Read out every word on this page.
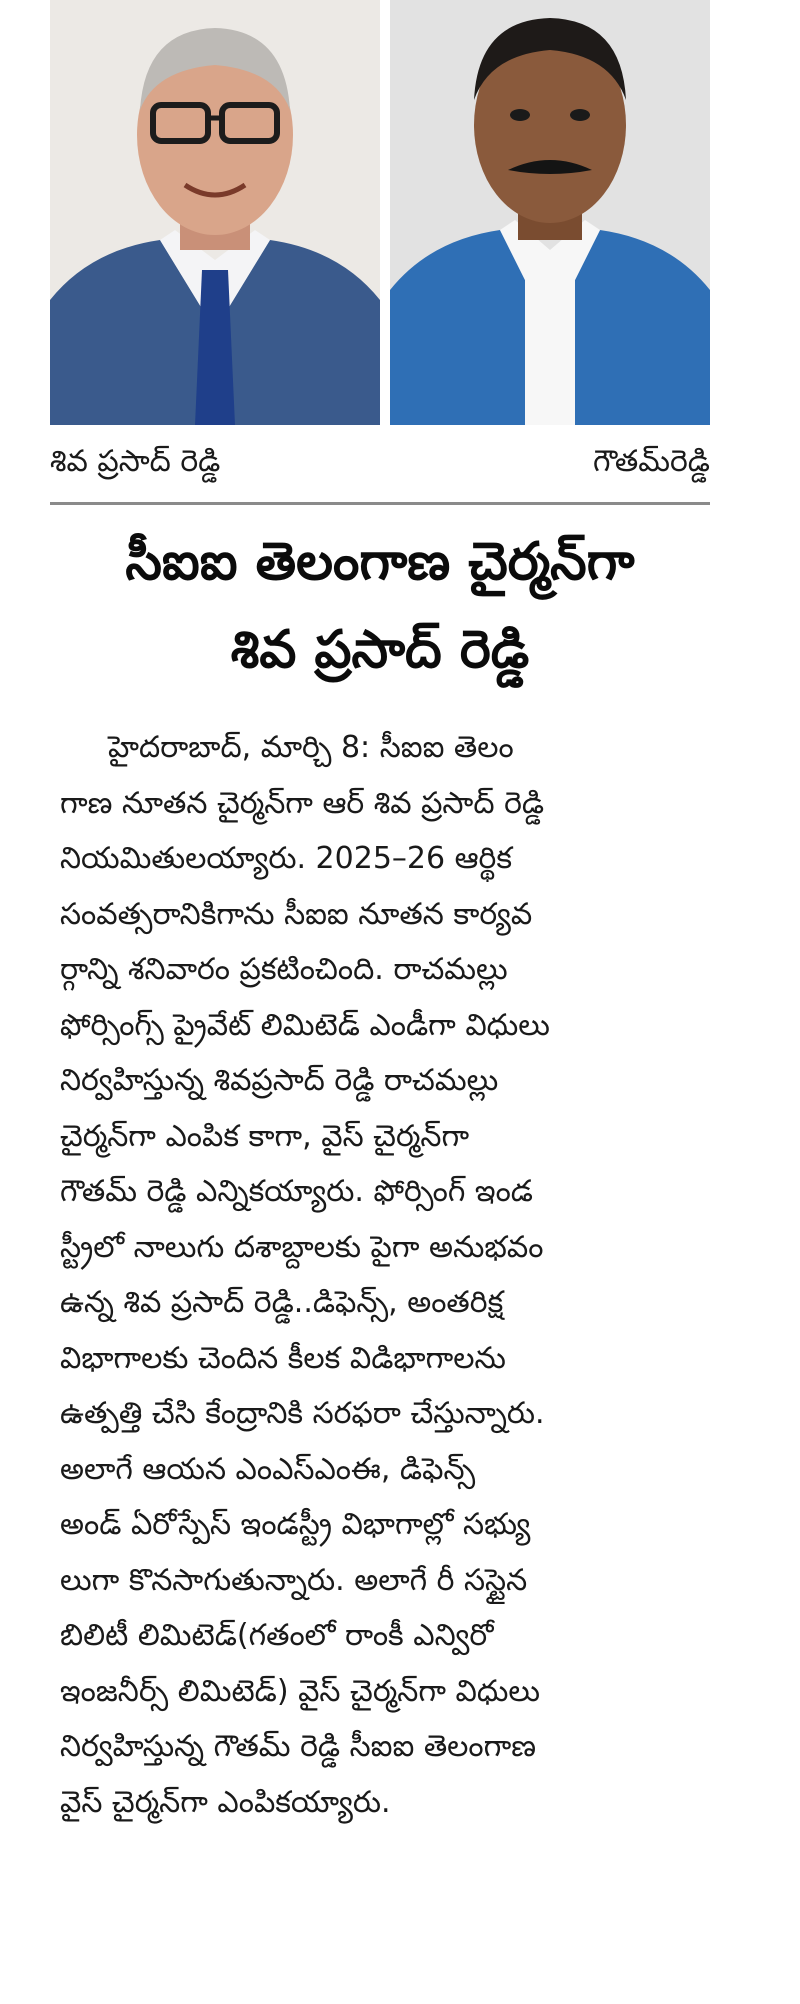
శివ ప్రసాద్ రెడ్డి	గౌతమ్‌రెడ్డి
సీఐఐ తెలంగాణ చైర్మన్‌గా
శివ ప్రసాద్ రెడ్డి
హైదరాబాద్, మార్చి 8: సీఐఐ తెలం
గాణ నూతన చైర్మన్‌గా ఆర్ శివ ప్రసాద్ రెడ్డి
నియమితులయ్యారు. 2025–26 ఆర్థిక
సంవత్సరానికిగాను సీఐఐ నూతన కార్యవ
ర్గాన్ని శనివారం ప్రకటించింది. రాచమల్లు
ఫోర్సింగ్స్ ప్రైవేట్ లిమిటెడ్ ఎండీగా విధులు
నిర్వహిస్తున్న శివప్రసాద్ రెడ్డి రాచమల్లు
చైర్మన్‌గా ఎంపిక కాగా, వైస్ చైర్మన్‌గా
గౌతమ్ రెడ్డి ఎన్నికయ్యారు. ఫోర్సింగ్ ఇండ
స్ట్రీలో నాలుగు దశాబ్దాలకు పైగా అనుభవం
ఉన్న శివ ప్రసాద్ రెడ్డి..డిఫెన్స్, అంతరిక్ష
విభాగాలకు చెందిన కీలక విడిభాగాలను
ఉత్పత్తి చేసి కేంద్రానికి సరఫరా చేస్తున్నారు.
అలాగే ఆయన ఎంఎస్ఎంఈ, డిఫెన్స్
అండ్ ఏరోస్పేస్ ఇండస్ట్రీ విభాగాల్లో సభ్యు
లుగా కొనసాగుతున్నారు. అలాగే రీ సస్టైన
బిలిటీ లిమిటెడ్(గతంలో రాంకీ ఎన్విరో
ఇంజనీర్స్ లిమిటెడ్) వైస్ చైర్మన్‌గా విధులు
నిర్వహిస్తున్న గౌతమ్ రెడ్డి సీఐఐ తెలంగాణ
వైస్ చైర్మన్‌గా ఎంపికయ్యారు.
